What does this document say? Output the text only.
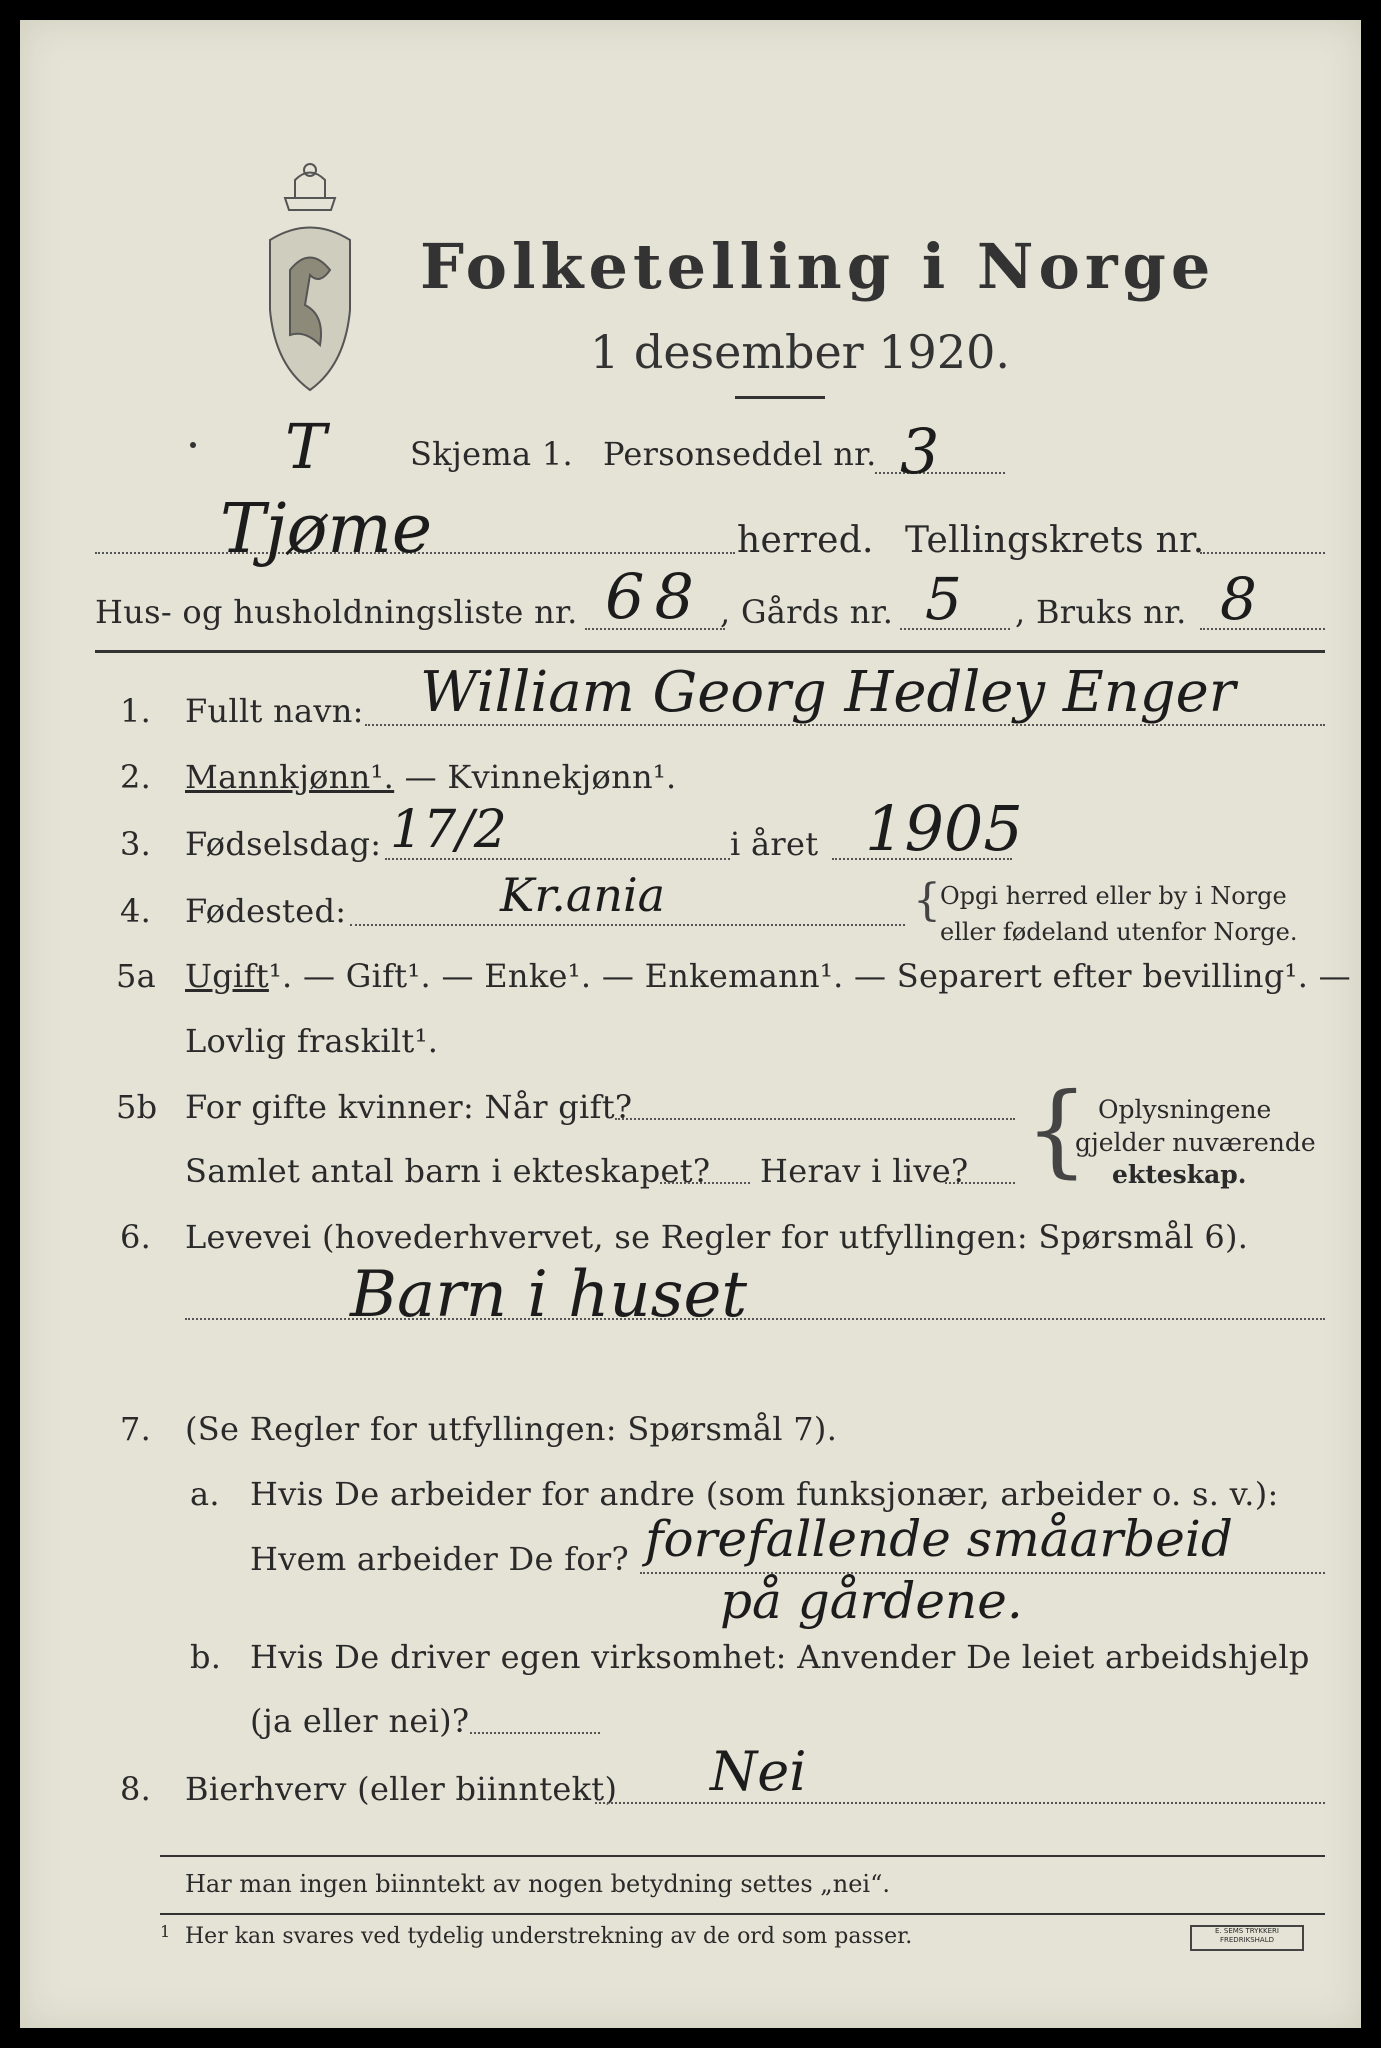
Folketelling i Norge
1 desember 1920.
T	Skjema 1. Personseddel nr. 3
Tjøme	herred. Tellingskrets nr.
Hus- og husholdningsliste nr. 68 , Gårds nr. 5 , Bruks nr. 8
1. Fullt navn: William Georg Hedley Enger
2. Mannkjønn¹. — Kvinnekjønn¹.
3. Fødselsdag: 17/2	i året 1905
4. Fødested:	Kr.ania	{ Opgi herred eller by i Norge
eller fødeland utenfor Norge.
5a Ugift¹. — Gift¹. — Enke¹. — Enkemann¹. — Separert efter bevilling¹. —
Lovlig fraskilt¹.
5b For gifte kvinner: Når gift?
Samlet antal barn i ekteskapet? Herav i live? { Oplysningene
gjelder nuværende
ekteskap.
6. Levevei (hovederhvervet, se Regler for utfyllingen: Spørsmål 6).
Barn i huset
7. (Se Regler for utfyllingen: Spørsmål 7).
a. Hvis De arbeider for andre (som funksjonær, arbeider o. s. v.):
Hvem arbeider De for? forefallende småarbeid
på gårdene.
b. Hvis De driver egen virksomhet: Anvender De leiet arbeidshjelp
(ja eller nei)?
8. Bierhverv (eller biinntekt) Nei
Har man ingen biinntekt av nogen betydning settes „nei“.
1 Her kan svares ved tydelig understrekning av de ord som passer.	E. SEMS TRYKKERI FREDRIKSHALD
